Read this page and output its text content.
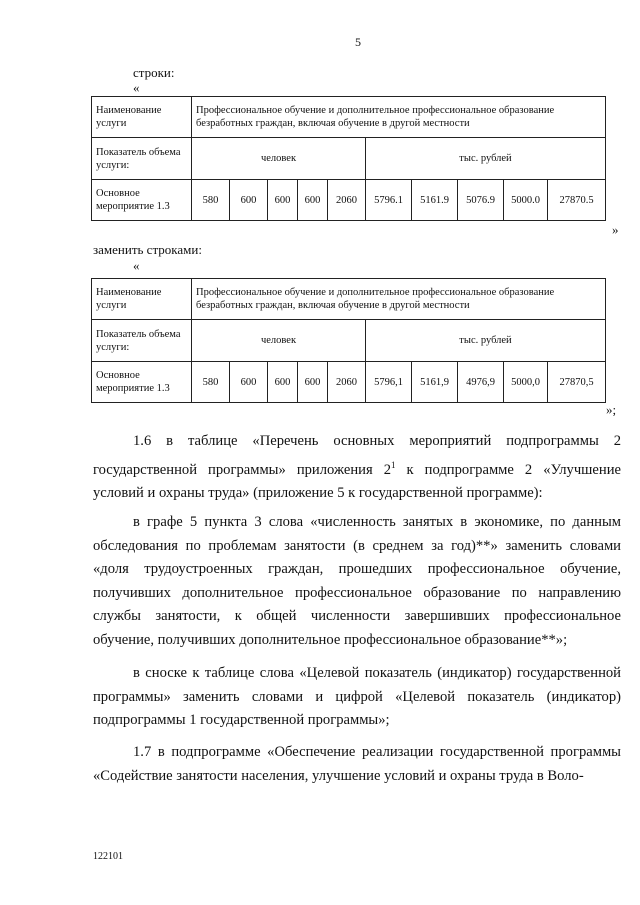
5
строки:
«
Наименование услуги	Профессиональное обучение и дополнительное профессиональное образование безработных граждан, включая обучение в другой местности									
Показатель объема услуги:	человек					тыс. рублей				
Основное мероприятие 1.3	580	600	600	600	2060	5796.1	5161.9	5076.9	5000.0	27870.5
»
заменить строками:
«
Наименование услуги	Профессиональное обучение и дополнительное профессиональное образование безработных граждан, включая обучение в другой местности									
Показатель объема услуги:	человек					тыс. рублей				
Основное мероприятие 1.3	580	600	600	600	2060	5796,1	5161,9	4976,9	5000,0	27870,5
»;
1.6 в таблице «Перечень основных мероприятий подпрограммы 2 государственной программы» приложения $2^1$ к подпрограмме 2 «Улучшение условий и охраны труда» (приложение 5 к государственной программе):
в графе 5 пункта 3 слова «численность занятых в экономике, по данным обследования по проблемам занятости (в среднем за год)**» заменить словами «доля трудоустроенных граждан, прошедших профессиональное обучение, получивших дополнительное профессиональное образование по направлению службы занятости, к общей численности завершивших профессиональное обучение, получивших дополнительное профессиональное образование**»;
в сноске к таблице слова «Целевой показатель (индикатор) государственной программы» заменить словами и цифрой «Целевой показатель (индикатор) подпрограммы 1 государственной программы»;
1.7 в подпрограмме «Обеспечение реализации государственной программы «Содействие занятости населения, улучшение условий и охраны труда в Воло-
122101
